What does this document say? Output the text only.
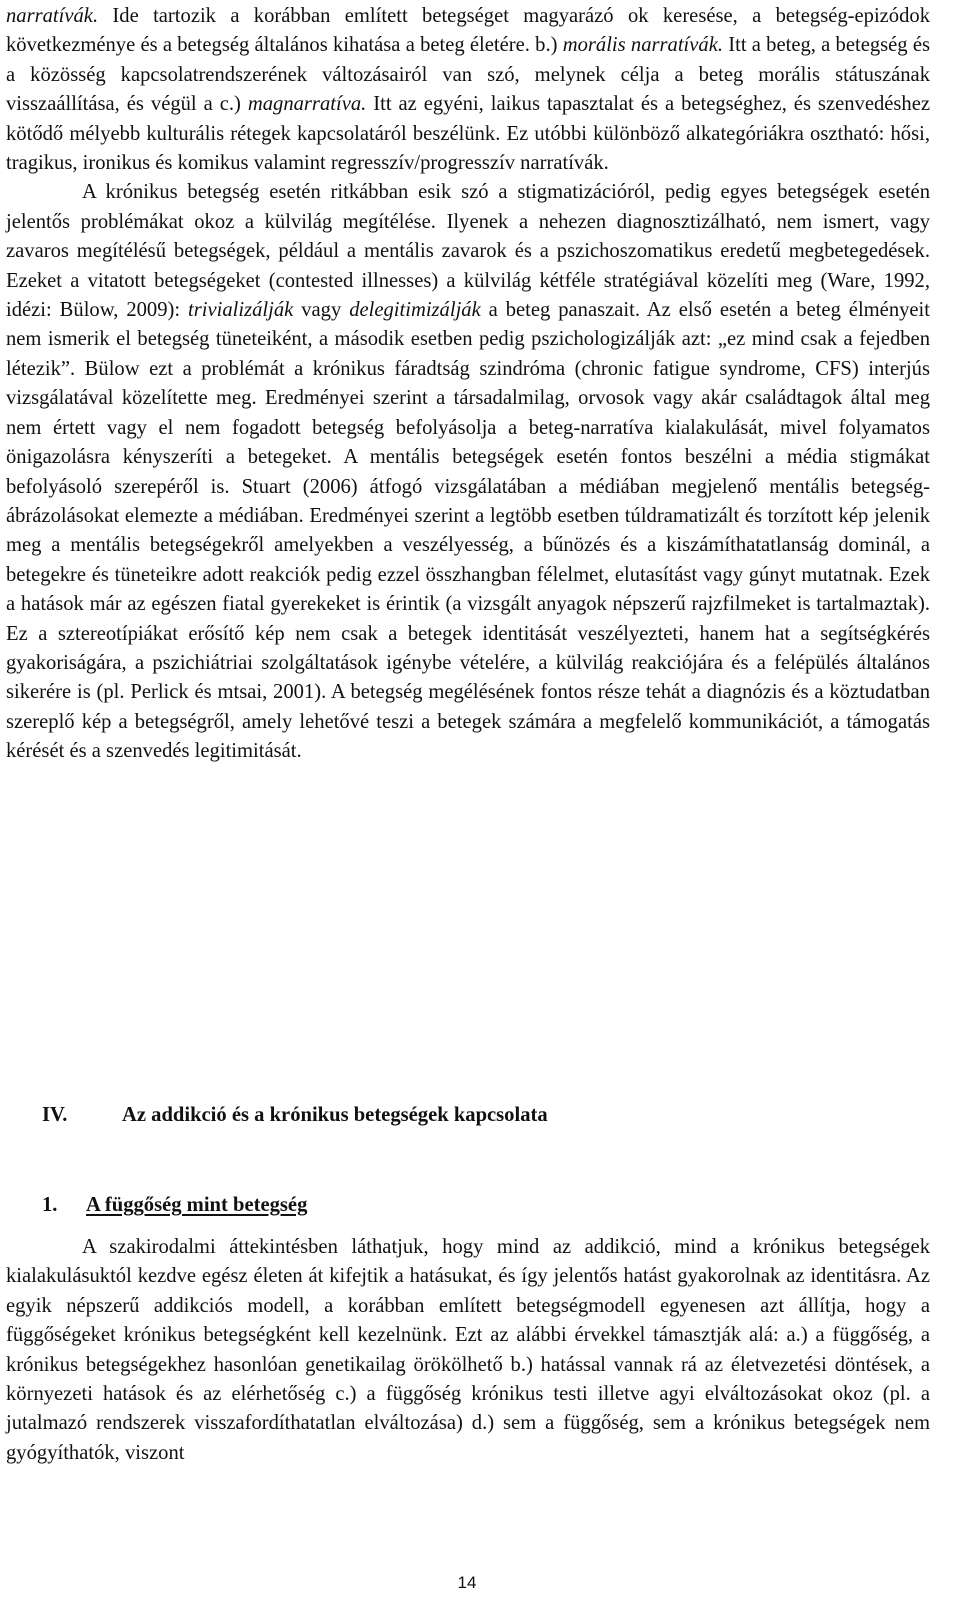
narratívák. Ide tartozik a korábban említett betegséget magyarázó ok keresése, a betegség-epizódok következménye és a betegség általános kihatása a beteg életére. b.) morális narratívák. Itt a beteg, a betegség és a közösség kapcsolatrendszerének változásairól van szó, melynek célja a beteg morális státuszának visszaállítása, és végül a c.) magnarratíva. Itt az egyéni, laikus tapasztalat és a betegséghez, és szenvedéshez kötődő mélyebb kulturális rétegek kapcsolatáról beszélünk. Ez utóbbi különböző alkategóriákra osztható: hősi, tragikus, ironikus és komikus valamint regresszív/progresszív narratívák.

A krónikus betegség esetén ritkábban esik szó a stigmatizációról, pedig egyes betegségek esetén jelentős problémákat okoz a külvilág megítélése. Ilyenek a nehezen diagnosztizálható, nem ismert, vagy zavaros megítélésű betegségek, például a mentális zavarok és a pszichoszomatikus eredetű megbetegedések. Ezeket a vitatott betegségeket (contested illnesses) a külvilág kétféle stratégiával közelíti meg (Ware, 1992, idézi: Bülow, 2009): trivializálják vagy delegitimizálják a beteg panaszait. Az első esetén a beteg élményeit nem ismerik el betegség tüneteiként, a második esetben pedig pszichologizálják azt: „ez mind csak a fejedben létezik”. Bülow ezt a problémát a krónikus fáradtság szindróma (chronic fatigue syndrome, CFS) interjús vizsgálatával közelítette meg. Eredményei szerint a társadalmilag, orvosok vagy akár családtagok által meg nem értett vagy el nem fogadott betegség befolyásolja a beteg-narratíva kialakulását, mivel folyamatos önigazolásra kényszeríti a betegeket. A mentális betegségek esetén fontos beszélni a média stigmákat befolyásoló szerepéről is. Stuart (2006) átfogó vizsgálatában a médiában megjelenő mentális betegség-ábrázolásokat elemezte a médiában. Eredményei szerint a legtöbb esetben túldramatizált és torzított kép jelenik meg a mentális betegségekről amelyekben a veszélyesség, a bűnözés és a kiszámíthatatlanság dominál, a betegekre és tüneteikre adott reakciók pedig ezzel összhangban félelmet, elutasítást vagy gúnyt mutatnak. Ezek a hatások már az egészen fiatal gyerekeket is érintik (a vizsgált anyagok népszerű rajzfilmeket is tartalmaztak). Ez a sztereotípiákat erősítő kép nem csak a betegek identitását veszélyezteti, hanem hat a segítségkérés gyakoriságára, a pszichiátriai szolgáltatások igénybe vételére, a külvilág reakciójára és a felépülés általános sikerére is (pl. Perlick és mtsai, 2001). A betegség megélésének fontos része tehát a diagnózis és a köztudatban szereplő kép a betegségről, amely lehetővé teszi a betegek számára a megfelelő kommunikációt, a támogatás kérését és a szenvedés legitimitását.

IV.	Az addikció és a krónikus betegségek kapcsolata
1. A függőség mint betegség

A szakirodalmi áttekintésben láthatjuk, hogy mind az addikció, mind a krónikus betegségek kialakulásuktól kezdve egész életen át kifejtik a hatásukat, és így jelentős hatást gyakorolnak az identitásra. Az egyik népszerű addikciós modell, a korábban említett betegségmodell egyenesen azt állítja, hogy a függőségeket krónikus betegségként kell kezelnünk. Ezt az alábbi érvekkel támasztják alá: a.) a függőség, a krónikus betegségekhez hasonlóan genetikailag örökölhető b.) hatással vannak rá az életvezetési döntések, a környezeti hatások és az elérhetőség c.) a függőség krónikus testi illetve agyi elváltozásokat okoz (pl. a jutalmazó rendszerek visszafordíthatatlan elváltozása) d.) sem a függőség, sem a krónikus betegségek nem gyógyíthatók, viszont

14
